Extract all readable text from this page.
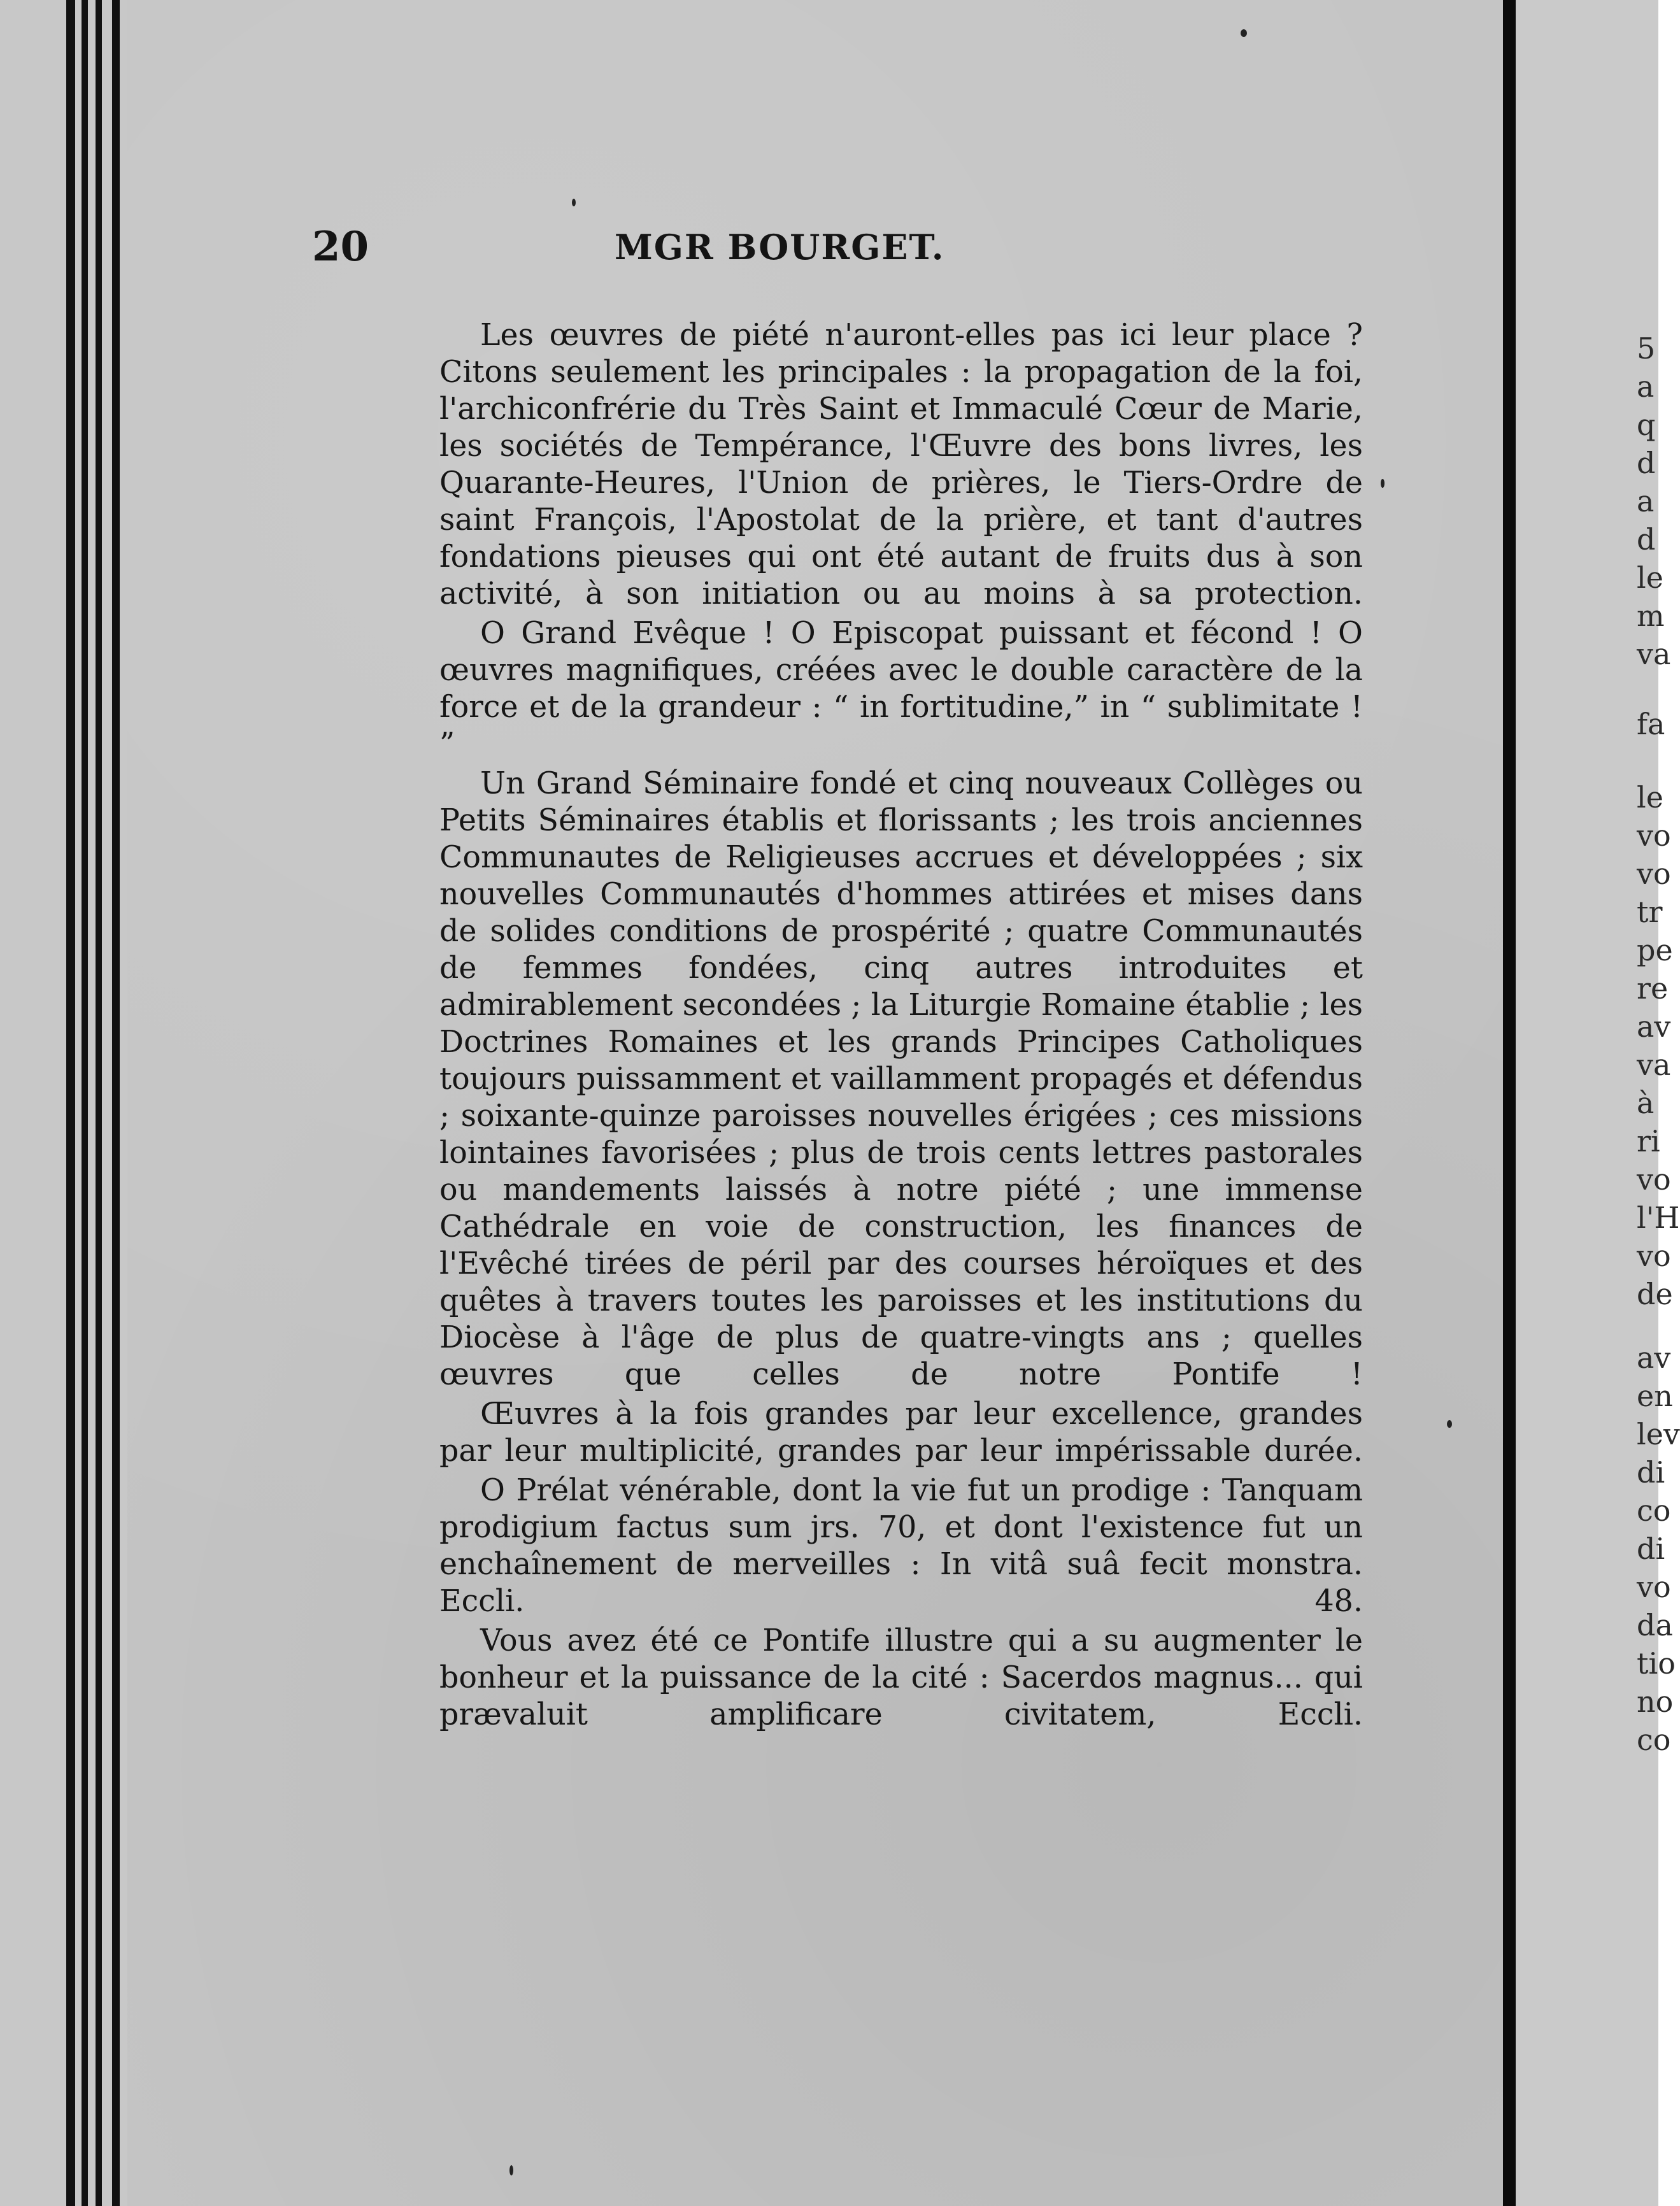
20	MGR BOURGET.

Les œuvres de piété n'auront-elles pas ici leur place ? Citons seulement les principales : la propagation de la foi, l'archiconfrérie du Très Saint et Immaculé Cœur de Marie, les sociétés de Tempérance, l'Œuvre des bons livres, les Quarante-Heures, l'Union de prières, le Tiers-Ordre de saint François, l'Apostolat de la prière, et tant d'autres fondations pieuses qui ont été autant de fruits dus à son activité, à son initiation ou au moins à sa protection.

O Grand Evêque ! O Episcopat puissant et fécond ! O œuvres magnifiques, créées avec le double caractère de la force et de la grandeur : “ in fortitudine,” in “ sublimitate ! ”

Un Grand Séminaire fondé et cinq nouveaux Collèges ou Petits Séminaires établis et florissants ; les trois anciennes Communautes de Religieuses accrues et développées ; six nouvelles Communautés d'hommes attirées et mises dans de solides conditions de prospérité ; quatre Communautés de femmes fondées, cinq autres introduites et admirablement secondées ; la Liturgie Romaine établie ; les Doctrines Romaines et les grands Principes Catholiques toujours puissamment et vaillamment propagés et défendus ; soixante-quinze paroisses nouvelles érigées ; ces missions lointaines favorisées ; plus de trois cents lettres pastorales ou mandements laissés à notre piété ; une immense Cathédrale en voie de construction, les finances de l'Evêché tirées de péril par des courses héroïques et des quêtes à travers toutes les paroisses et les institutions du Diocèse à l'âge de plus de quatre-vingts ans ; quelles œuvres que celles de notre Pontife !

Œuvres à la fois grandes par leur excellence, grandes par leur multiplicité, grandes par leur impérissable durée.

O Prélat vénérable, dont la vie fut un prodige : Tanquam prodigium factus sum jrs. 70, et dont l'existence fut un enchaînement de merveilles : In vitâ suâ fecit monstra. Eccli. 48.

Vous avez été ce Pontife illustre qui a su augmenter le bonheur et la puissance de la cité : Sacerdos magnus... qui prævaluit amplificare civitatem, Eccli.

5
a
q
d
a
d
le
m
va
fa
le
vo
vo
tr
pe
re
av
va
à
ri
vo
l'H
vo
de
av
en
lev
di
co
di
vo
da
tio
no
co
